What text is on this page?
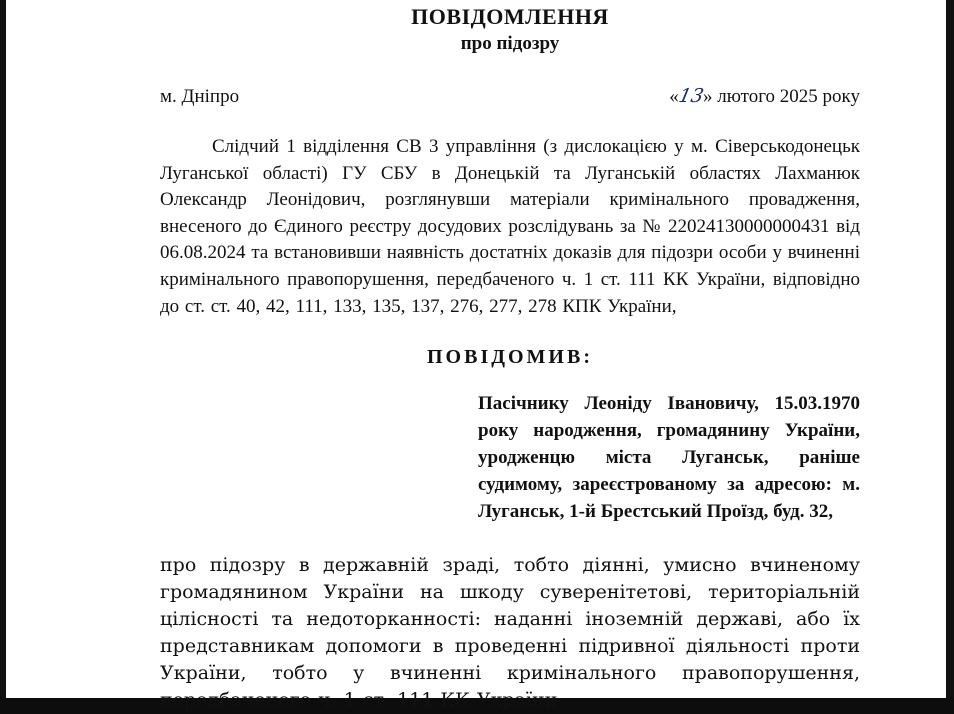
ПОВІДОМЛЕННЯ
про підозру
м. Дніпро	«13» лютого 2025 року
Слідчий 1 відділення СВ 3 управління (з дислокацією у м. Сіверськодонецьк Луганської області) ГУ СБУ в Донецькій та Луганській областях Лахманюк Олександр Леонідович, розглянувши матеріали кримінального провадження, внесеного до Єдиного реєстру досудових розслідувань за № 22024130000000431 від 06.08.2024 та встановивши наявність достатніх доказів для підозри особи у вчиненні кримінального правопорушення, передбаченого ч. 1 ст. 111 КК України, відповідно до ст. ст. 40, 42, 111, 133, 135, 137, 276, 277, 278 КПК України,
ПОВІДОМИВ:
Пасічнику Леоніду Івановичу, 15.03.1970 року народження, громадянину України, уродженцю міста Луганськ, раніше судимому, зареєстрованому за адресою: м. Луганськ, 1-й Брестський Проїзд, буд. 32,
про підозру в державній зраді, тобто діянні, умисно вчиненому громадянином України на шкоду суверенітетові, територіальній цілісності та недоторканності: наданні іноземній державі, або їх представникам допомоги в проведенні підривної діяльності проти України, тобто у вчиненні кримінального правопорушення, передбаченого ч. 1 ст. 111 КК України
